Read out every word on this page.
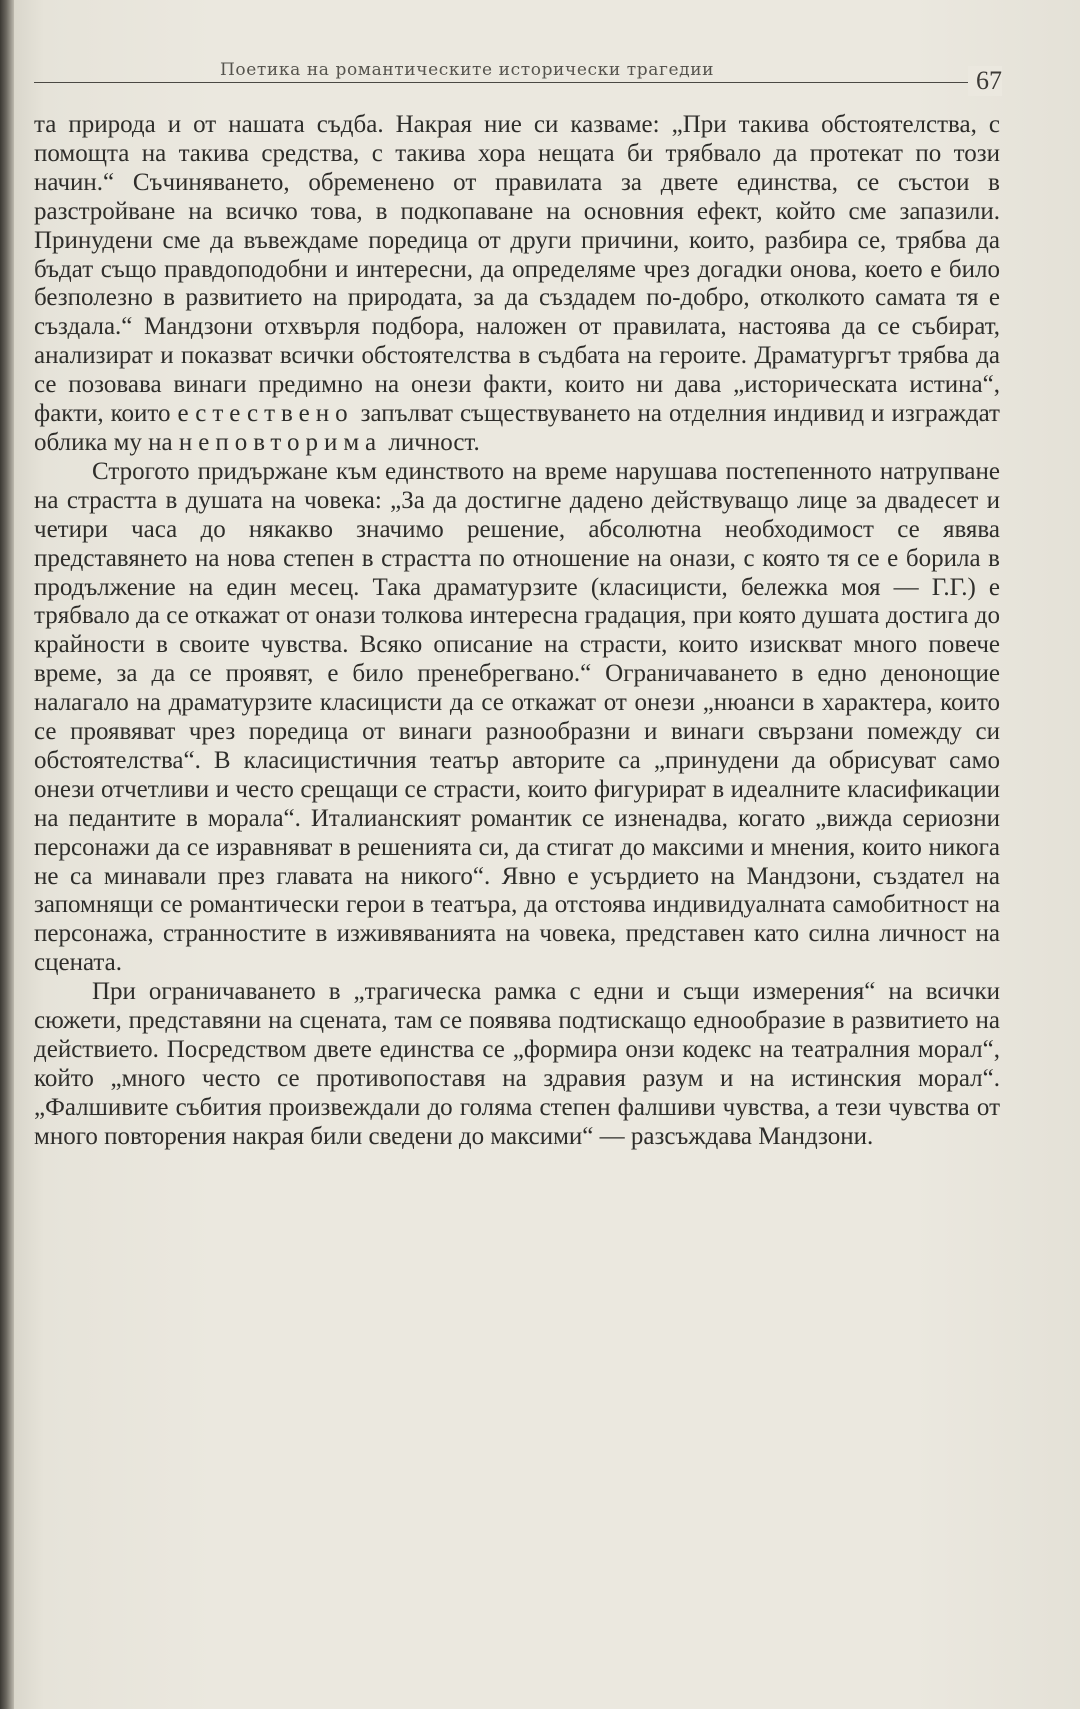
Поетика на романтическите исторически трагедии	67

та природа и от нашата съдба. Накрая ние си казваме: „При такива обстоятелства, с помощта на такива средства, с такива хора нещата би трябвало да протекат по този начин.“ Съчиняването, обременено от правилата за двете единства, се състои в разстройване на всичко това, в подкопаване на основния ефект, който сме запазили. Принудени сме да въвеждаме поредица от други причини, които, разбира се, трябва да бъдат също правдоподобни и интересни, да определяме чрез догадки онова, което е било безполезно в развитието на природата, за да създадем по-добро, отколкото самата тя е създала.“ Мандзони отхвърля подбора, наложен от правилата, настоява да се събират, анализират и показват всички обстоятелства в съдбата на героите. Драматургът трябва да се позовава винаги предимно на онези факти, които ни дава „историческата истина“, факти, които естествено запълват съществуването на отделния индивид и изграждат облика му на неповторима личност.

Строгото придържане към единството на време нарушава постепенното натрупване на страстта в душата на човека: „За да достигне дадено действуващо лице за двадесет и четири часа до някакво значимо решение, абсолютна необходимост се явява представянето на нова степен в страстта по отношение на онази, с която тя се е борила в продължение на един месец. Така драматурзите (класицисти, бележка моя — Г.Г.) е трябвало да се откажат от онази толкова интересна градация, при която душата достига до крайности в своите чувства. Всяко описание на страсти, които изискват много повече време, за да се проявят, е било пренебрегвано.“ Ограничаването в едно денонощие налагало на драматурзите класицисти да се откажат от онези „нюанси в характера, които се проявяват чрез поредица от винаги разнообразни и винаги свързани помежду си обстоятелства“. В класицистичния театър авторите са „принудени да обрисуват само онези отчетливи и често срещащи се страсти, които фигурират в идеалните класификации на педантите в морала“. Италианският романтик се изненадва, когато „вижда сериозни персонажи да се изравняват в решенията си, да стигат до максими и мнения, които никога не са минавали през главата на никого“. Явно е усърдието на Мандзони, създател на запомнящи се романтически герои в театъра, да отстоява индивидуалната самобитност на персонажа, странностите в изживяванията на човека, представен като силна личност на сцената.

При ограничаването в „трагическа рамка с едни и същи измерения“ на всички сюжети, представяни на сцената, там се появява подтискащо еднообразие в развитието на действието. Посредством двете единства се „формира онзи кодекс на театралния морал“, който „много често се противопоставя на здравия разум и на истинския морал“. „Фалшивите събития произвеждали до голяма степен фалшиви чувства, а тези чувства от много повторения накрая били сведени до максими“ — разсъждава Мандзони.
